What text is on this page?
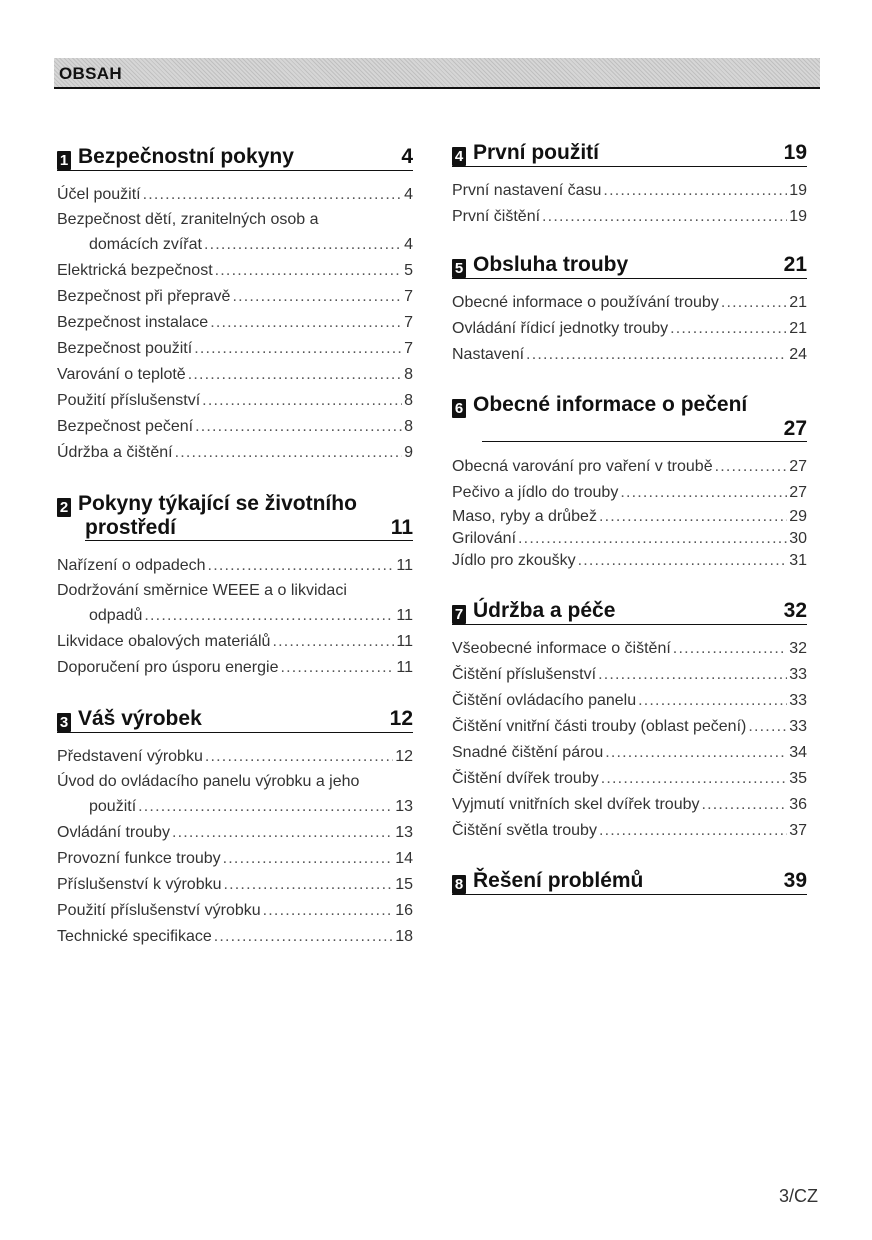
OBSAH
1 Bezpečnostní pokyny	4
Účel použití .....	4
Bezpečnost dětí, zranitelných osob a
domácích zvířat .....	4
Elektrická bezpečnost .....	5
Bezpečnost při přepravě .....	7
Bezpečnost instalace .....	7
Bezpečnost použití .....	7
Varování o teplotě .....	8
Použití příslušenství .....	8
Bezpečnost pečení .....	8
Údržba a čištění .....	9
2 Pokyny týkající se životního
prostředí	11
Nařízení o odpadech .....	11
Dodržování směrnice WEEE a o likvidaci
odpadů .....	11
Likvidace obalových materiálů .....	11
Doporučení pro úsporu energie .....	11
3 Váš výrobek	12
Představení výrobku .....	12
Úvod do ovládacího panelu výrobku a jeho
použití .....	13
Ovládání trouby .....	13
Provozní funkce trouby .....	14
Příslušenství k výrobku .....	15
Použití příslušenství výrobku .....	16
Technické specifikace .....	18
4 První použití	19
První nastavení času .....	19
První čištění .....	19
5 Obsluha trouby	21
Obecné informace o používání trouby .....	21
Ovládání řídicí jednotky trouby .....	21
Nastavení .....	24
6 Obecné informace o pečení
27
Obecná varování pro vaření v troubě .....	27
Pečivo a jídlo do trouby .....	27
Maso, ryby a drůbež .....	29
Grilování .....	30
Jídlo pro zkoušky .....	31
7 Údržba a péče	32
Všeobecné informace o čištění .....	32
Čištění příslušenství .....	33
Čištění ovládacího panelu .....	33
Čištění vnitřní části trouby (oblast pečení) .....	33
Snadné čištění párou .....	34
Čištění dvířek trouby .....	35
Vyjmutí vnitřních skel dvířek trouby .....	36
Čištění světla trouby .....	37
8 Řešení problémů	39
3/CZ
